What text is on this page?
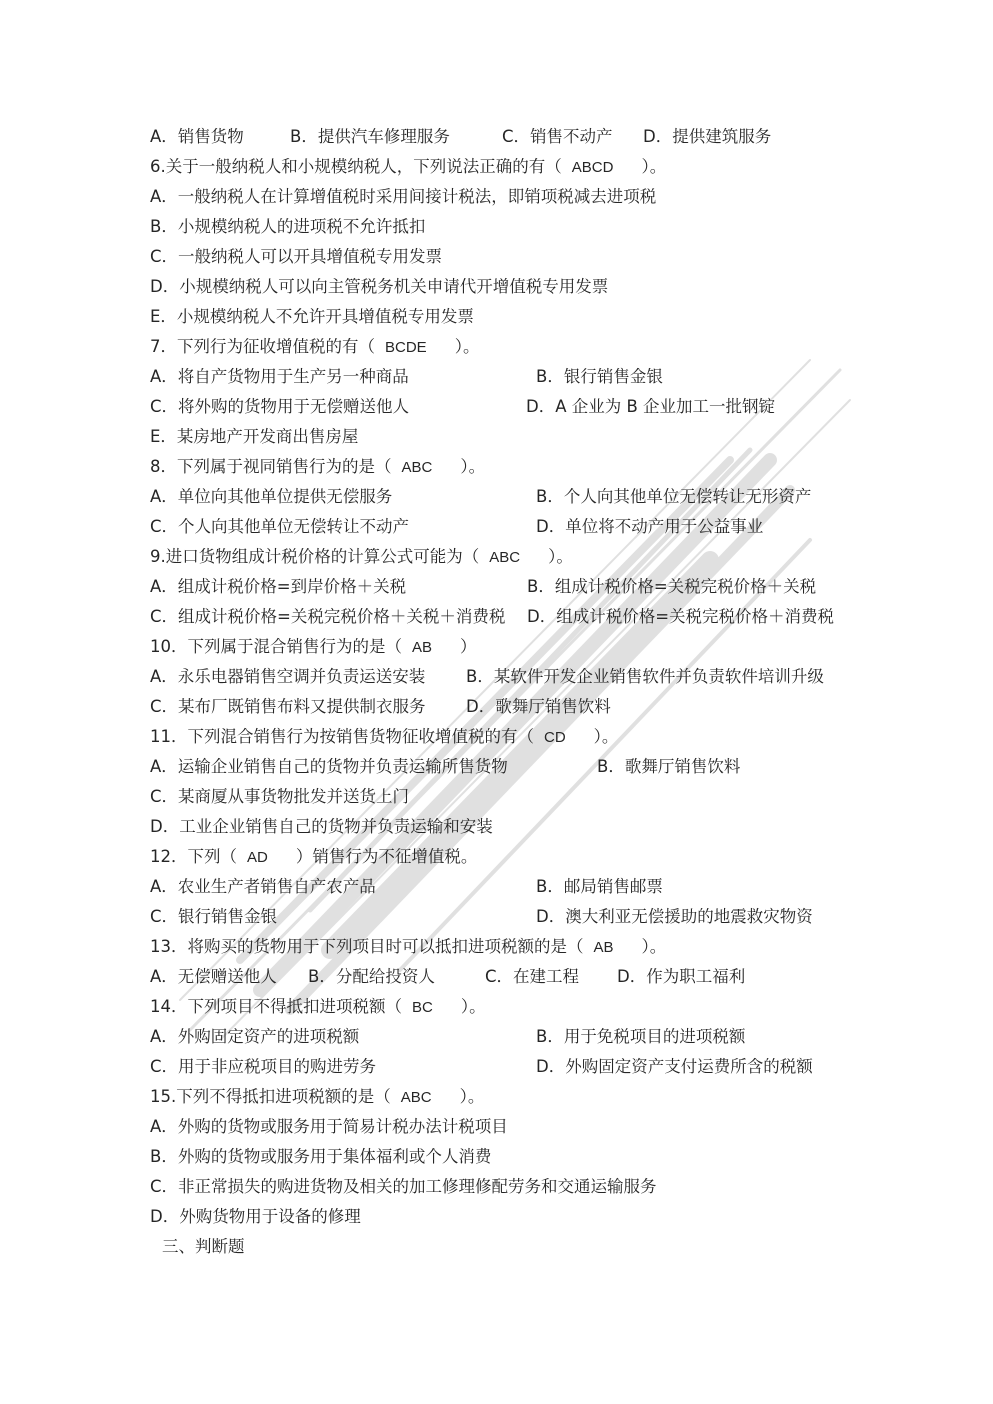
A．销售货物	B．提供汽车修理服务	C．销售不动产 D．提供建筑服务
6.关于一般纳税人和小规模纳税人，下列说法正确的有（ ABCD ）。
A．一般纳税人在计算增值税时采用间接计税法，即销项税减去进项税
B．小规模纳税人的进项税不允许抵扣
C．一般纳税人可以开具增值税专用发票
D．小规模纳税人可以向主管税务机关申请代开增值税专用发票
E．小规模纳税人不允许开具增值税专用发票
7．下列行为征收增值税的有（ BCDE ）。
A．将自产货物用于生产另一种商品	B．银行销售金银
C．将外购的货物用于无偿赠送他人	D．A 企业为 B 企业加工一批钢锭
E．某房地产开发商出售房屋
8．下列属于视同销售行为的是（ ABC ）。
A．单位向其他单位提供无偿服务	B．个人向其他单位无偿转让无形资产
C．个人向其他单位无偿转让不动产	D．单位将不动产用于公益事业
9.进口货物组成计税价格的计算公式可能为（ ABC ）。
A．组成计税价格=到岸价格＋关税	B．组成计税价格=关税完税价格＋关税
C．组成计税价格=关税完税价格＋关税＋消费税 D．组成计税价格=关税完税价格＋消费税
10．下列属于混合销售行为的是（ AB ）
A．永乐电器销售空调并负责运送安装 B．某软件开发企业销售软件并负责软件培训升级
C．某布厂既销售布料又提供制衣服务 D．歌舞厅销售饮料
11．下列混合销售行为按销售货物征收增值税的有（ CD ）。
A．运输企业销售自己的货物并负责运输所售货物	B．歌舞厅销售饮料
C．某商厦从事货物批发并送货上门
D．工业企业销售自己的货物并负责运输和安装
12．下列（ AD ）销售行为不征增值税。
A．农业生产者销售自产农产品	B．邮局销售邮票
C．银行销售金银	D．澳大利亚无偿援助的地震救灾物资
13．将购买的货物用于下列项目时可以抵扣进项税额的是（ AB ）。
A．无偿赠送他人 B．分配给投资人	C．在建工程 D．作为职工福利
14．下列项目不得抵扣进项税额（ BC ）。
A．外购固定资产的进项税额	B．用于免税项目的进项税额
C．用于非应税项目的购进劳务	D．外购固定资产支付运费所含的税额
15.下列不得抵扣进项税额的是（ ABC ）。
A．外购的货物或服务用于简易计税办法计税项目
B．外购的货物或服务用于集体福利或个人消费
C．非正常损失的购进货物及相关的加工修理修配劳务和交通运输服务
D．外购货物用于设备的修理
三、判断题
